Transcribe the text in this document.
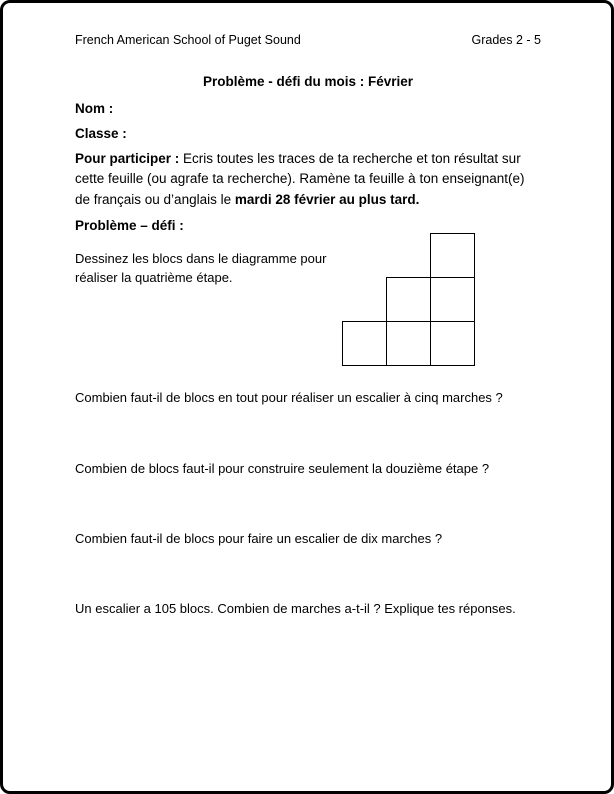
French American School of Puget Sound	Grades 2 - 5
Problème - défi du mois : Février
Nom :
Classe :
Pour participer : Ecris toutes les traces de ta recherche et ton résultat sur cette feuille (ou agrafe ta recherche). Ramène ta feuille à ton enseignant(e) de français ou d’anglais le mardi 28 février au plus tard.
Problème – défi :
Dessinez les blocs dans le diagramme pour
réaliser la quatrième étape.
Combien faut-il de blocs en tout pour réaliser un escalier à cinq marches ?
Combien de blocs faut-il pour construire seulement la douzième étape ?
Combien faut-il de blocs pour faire un escalier de dix marches ?
Un escalier a 105 blocs. Combien de marches a-t-il ? Explique tes réponses.
